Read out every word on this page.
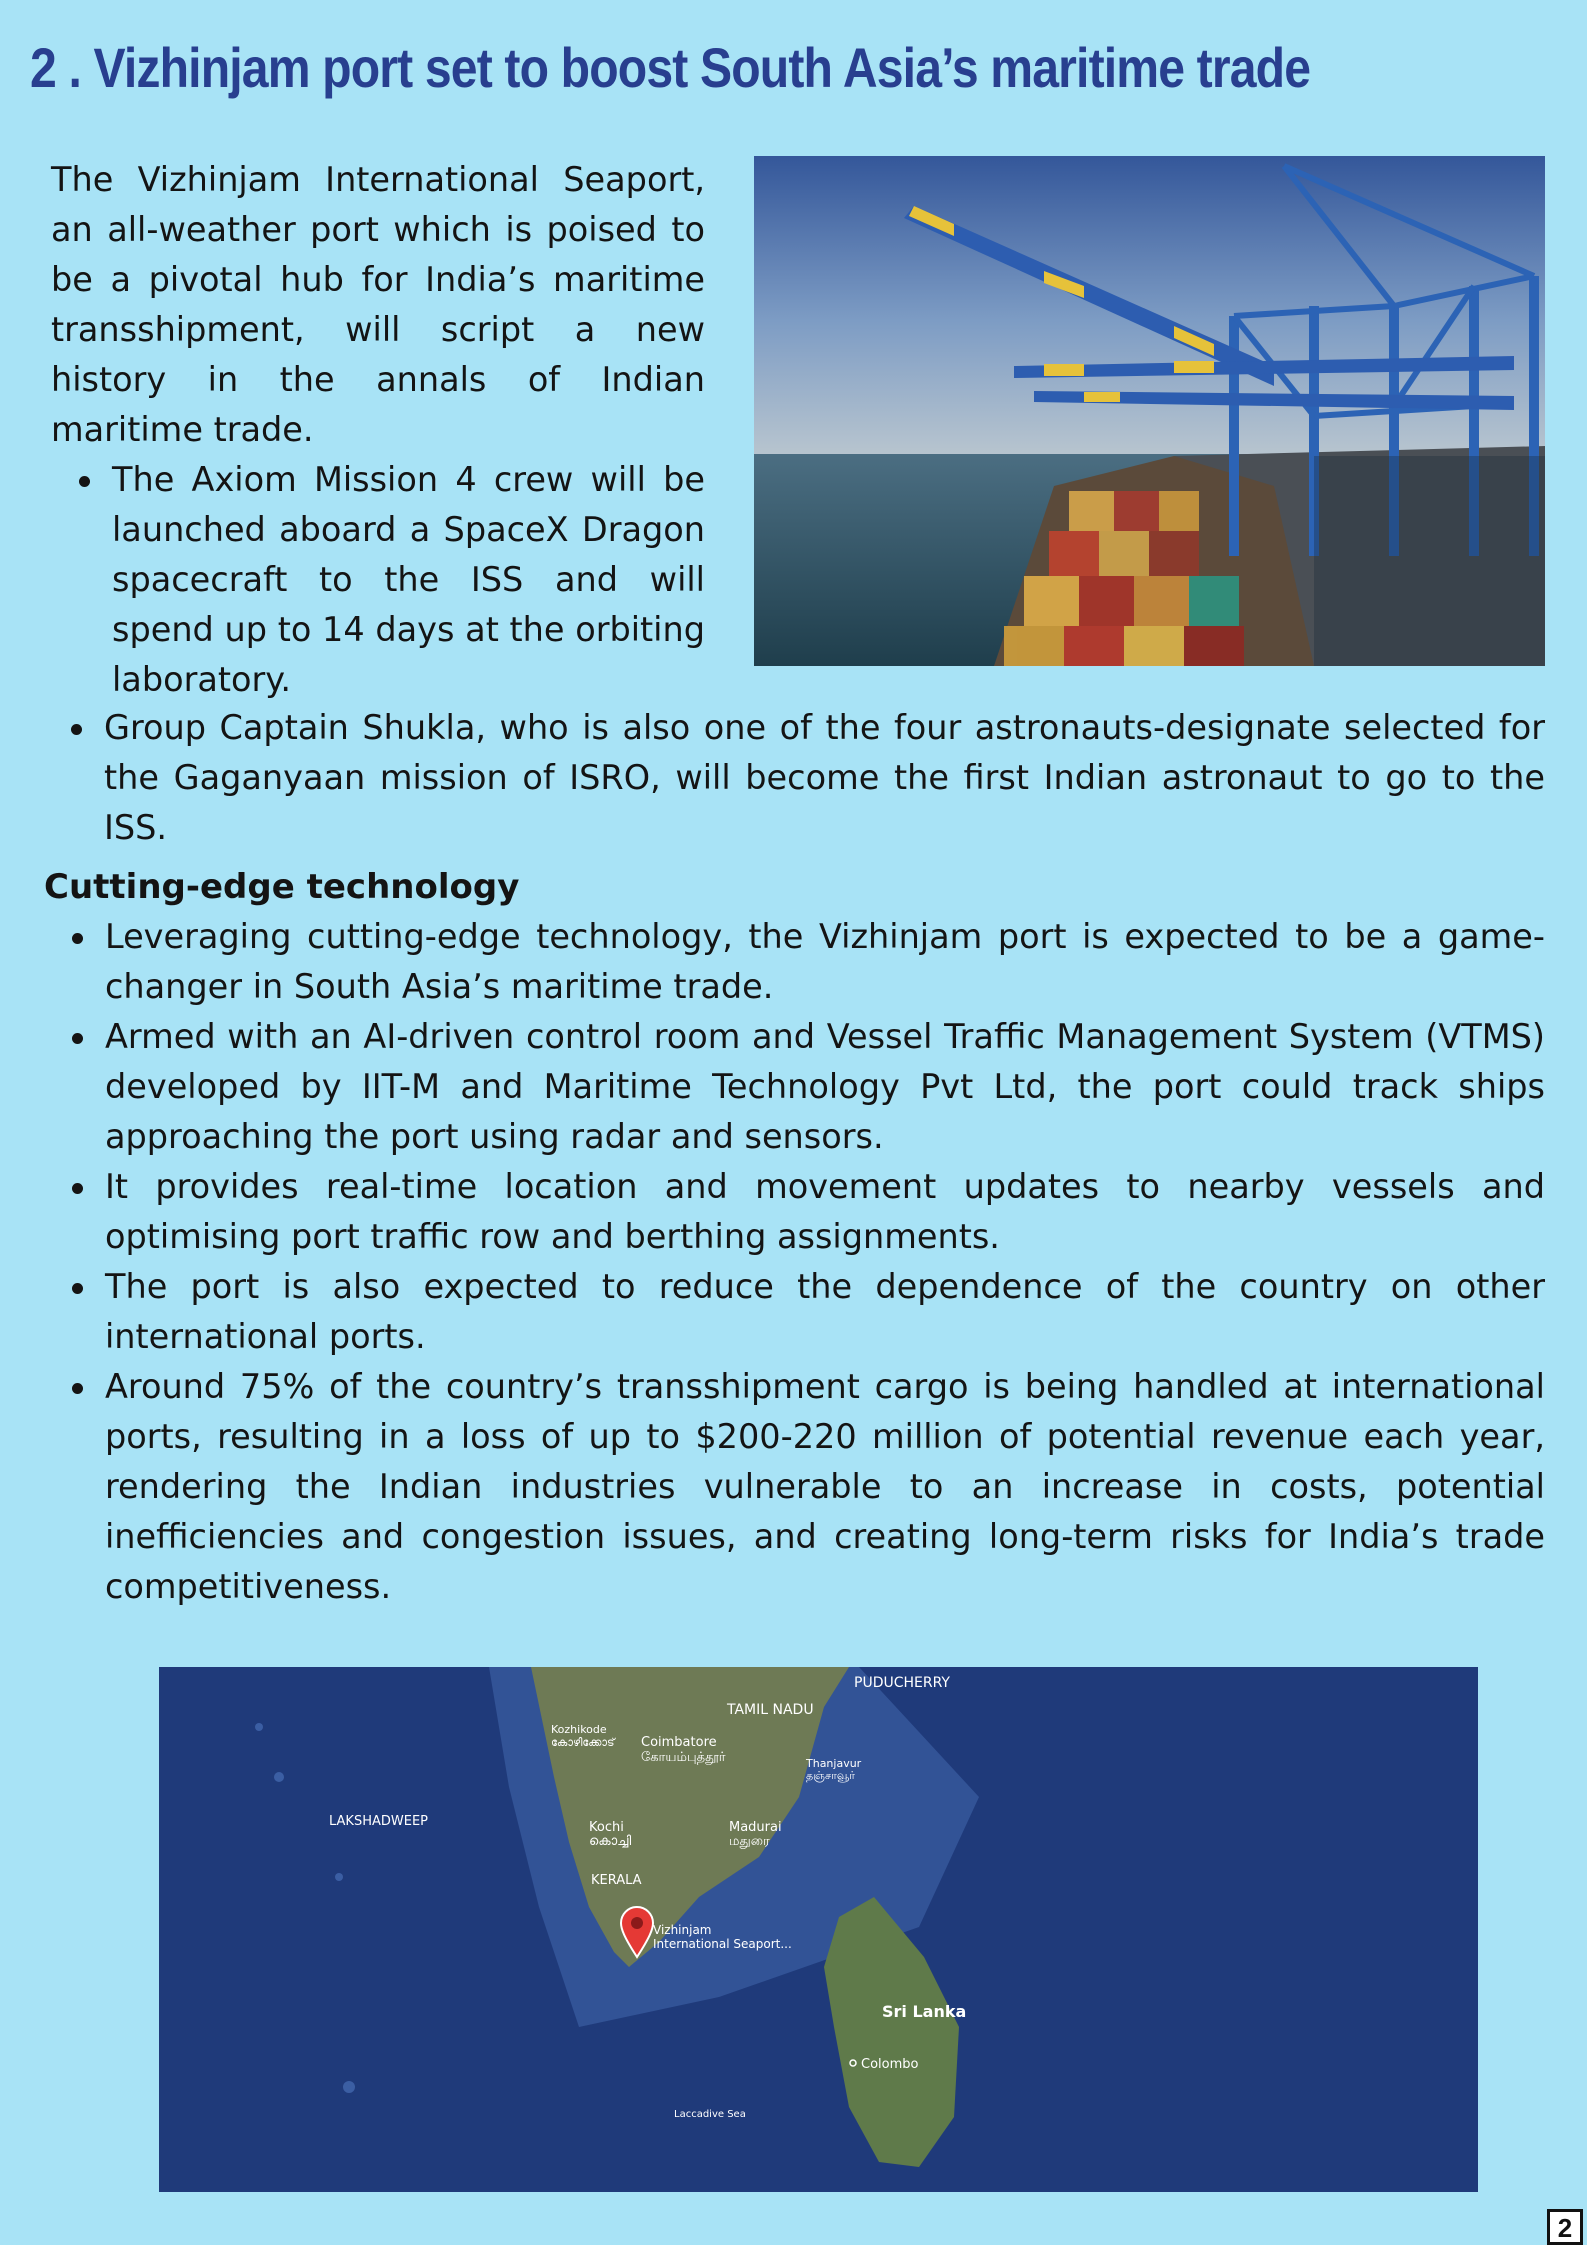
2 . Vizhinjam port set to boost South Asia’s maritime trade

The Vizhinjam International Seaport, an all-weather port which is poised to be a pivotal hub for India’s maritime transshipment, will script a new history in the annals of Indian maritime trade.

The Axiom Mission 4 crew will be launched aboard a SpaceX Dragon spacecraft to the ISS and will spend up to 14 days at the orbiting laboratory.
Group Captain Shukla, who is also one of the four astronauts-designate selected for the Gaganyaan mission of ISRO, will become the first Indian astronaut to go to the ISS.
Cutting-edge technology
Leveraging cutting-edge technology, the Vizhinjam port is expected to be a game-changer in South Asia’s maritime trade.
Armed with an AI-driven control room and Vessel Traffic Management System (VTMS) developed by IIT-M and Maritime Technology Pvt Ltd, the port could track ships approaching the port using radar and sensors.
It provides real-time location and movement updates to nearby vessels and optimising port traffic row and berthing assignments.
The port is also expected to reduce the dependence of the country on other international ports.
Around 75% of the country’s transshipment cargo is being handled at international ports, resulting in a loss of up to $200-220 million of potential revenue each year, rendering the Indian industries vulnerable to an increase in costs, potential inefficiencies and congestion issues, and creating long-term risks for India’s trade competitiveness.
PUDUCHERRY
TAMIL NADU
Kozhikode
കോഴിക്കോട് Coimbatore
கோயம்புத்தூர்	Thanjavur
தஞ்சாவூர்
LAKSHADWEEP	Kochi
കൊച്ചി
Madurai
மதுரை
KERALA
Vizhinjam
International Seaport...
Sri Lanka
Colombo
Laccadive Sea
2
